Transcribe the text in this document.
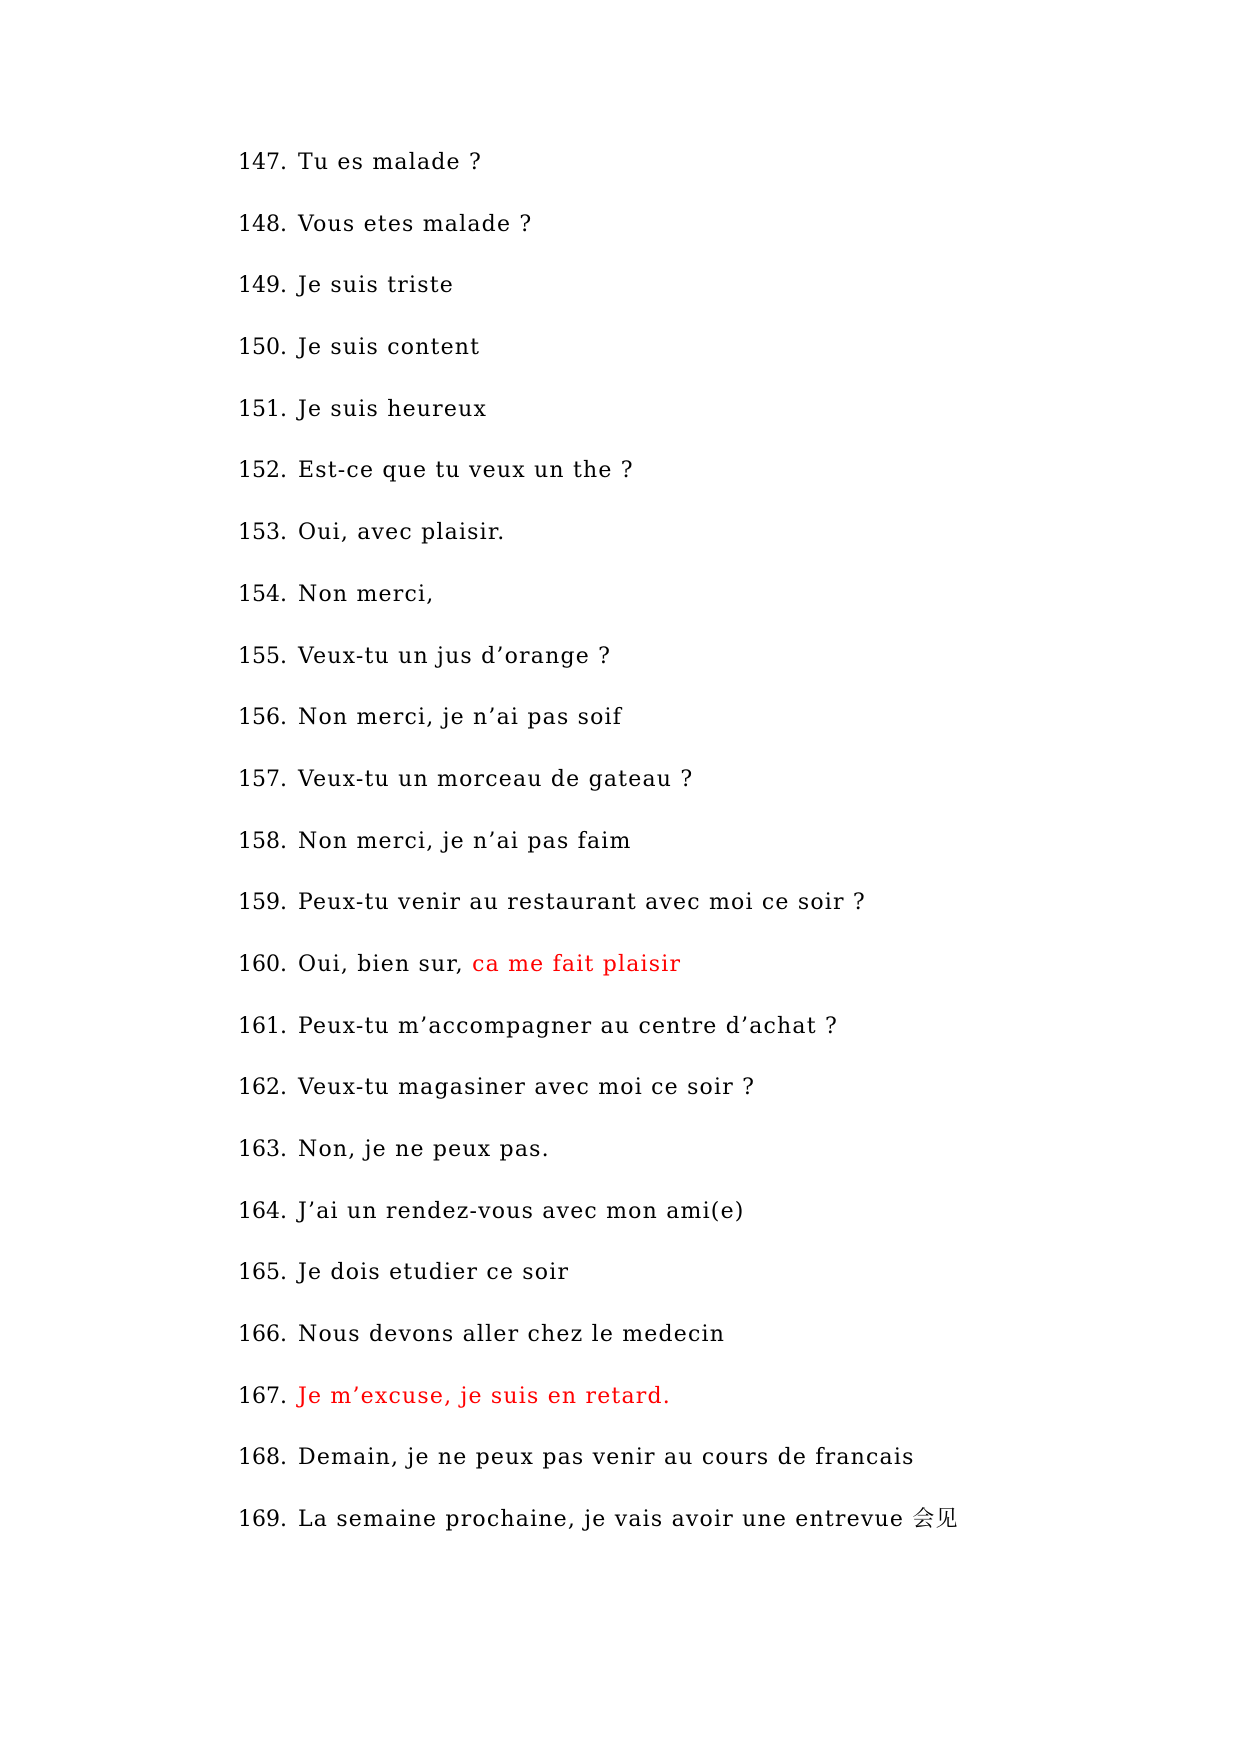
147. Tu es malade ?
148. Vous etes malade ?
149. Je suis triste
150. Je suis content
151. Je suis heureux
152. Est-ce que tu veux un the ?
153. Oui, avec plaisir.
154. Non merci,
155. Veux-tu un jus d’orange ?
156. Non merci, je n’ai pas soif
157. Veux-tu un morceau de gateau ?
158. Non merci, je n’ai pas faim
159. Peux-tu venir au restaurant avec moi ce soir ?
160. Oui, bien sur, ca me fait plaisir
161. Peux-tu m’accompagner au centre d’achat ?
162. Veux-tu magasiner avec moi ce soir ?
163. Non, je ne peux pas.
164. J’ai un rendez-vous avec mon ami(e)
165. Je dois etudier ce soir
166. Nous devons aller chez le medecin
167. Je m’excuse, je suis en retard.
168. Demain, je ne peux pas venir au cours de francais
169. La semaine prochaine, je vais avoir une entrevue 会见
